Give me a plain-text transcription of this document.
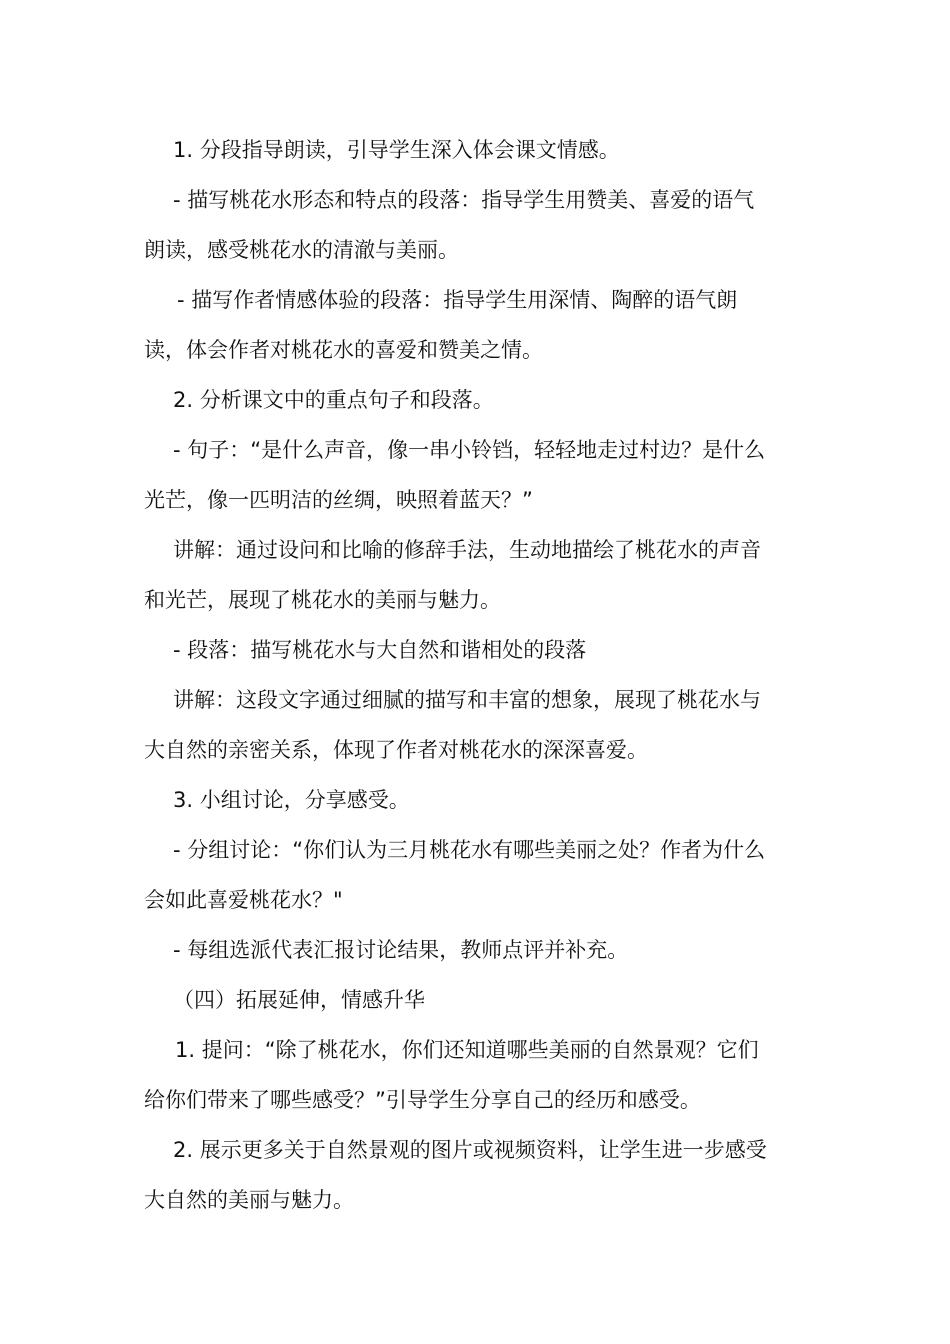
1. 分段指导朗读，引导学生深入体会课文情感。
- 描写桃花水形态和特点的段落：指导学生用赞美、喜爱的语气
朗读，感受桃花水的清澈与美丽。
- 描写作者情感体验的段落：指导学生用深情、陶醉的语气朗
读，体会作者对桃花水的喜爱和赞美之情。
2. 分析课文中的重点句子和段落。
- 句子：“是什么声音，像一串小铃铛，轻轻地走过村边？是什么
光芒，像一匹明洁的丝绸，映照着蓝天？”
讲解：通过设问和比喻的修辞手法，生动地描绘了桃花水的声音
和光芒，展现了桃花水的美丽与魅力。
- 段落：描写桃花水与大自然和谐相处的段落
讲解：这段文字通过细腻的描写和丰富的想象，展现了桃花水与
大自然的亲密关系，体现了作者对桃花水的深深喜爱。
3. 小组讨论，分享感受。
- 分组讨论：“你们认为三月桃花水有哪些美丽之处？作者为什么
会如此喜爱桃花水？"
- 每组选派代表汇报讨论结果，教师点评并补充。
（四）拓展延伸，情感升华
1. 提问：“除了桃花水，你们还知道哪些美丽的自然景观？它们
给你们带来了哪些感受？”引导学生分享自己的经历和感受。
2. 展示更多关于自然景观的图片或视频资料，让学生进一步感受
大自然的美丽与魅力。
